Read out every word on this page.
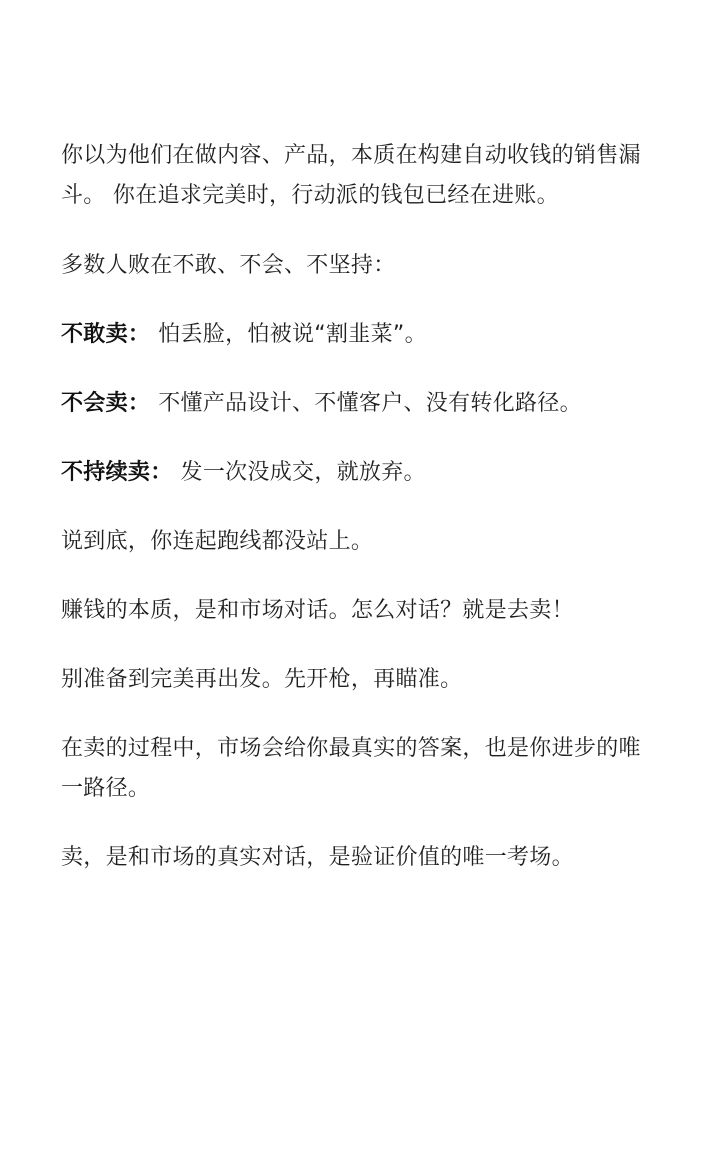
你以为他们在做内容、产品，本质在构建自动收钱的销售漏斗。 你在追求完美时，行动派的钱包已经在进账。

多数人败在不敢、不会、不坚持：

不敢卖： 怕丢脸，怕被说“割韭菜”。

不会卖： 不懂产品设计、不懂客户、没有转化路径。

不持续卖： 发一次没成交，就放弃。

说到底，你连起跑线都没站上。

赚钱的本质，是和市场对话。怎么对话？就是去卖！

别准备到完美再出发。先开枪，再瞄准。

在卖的过程中，市场会给你最真实的答案，也是你进步的唯一路径。

卖，是和市场的真实对话，是验证价值的唯一考场。
